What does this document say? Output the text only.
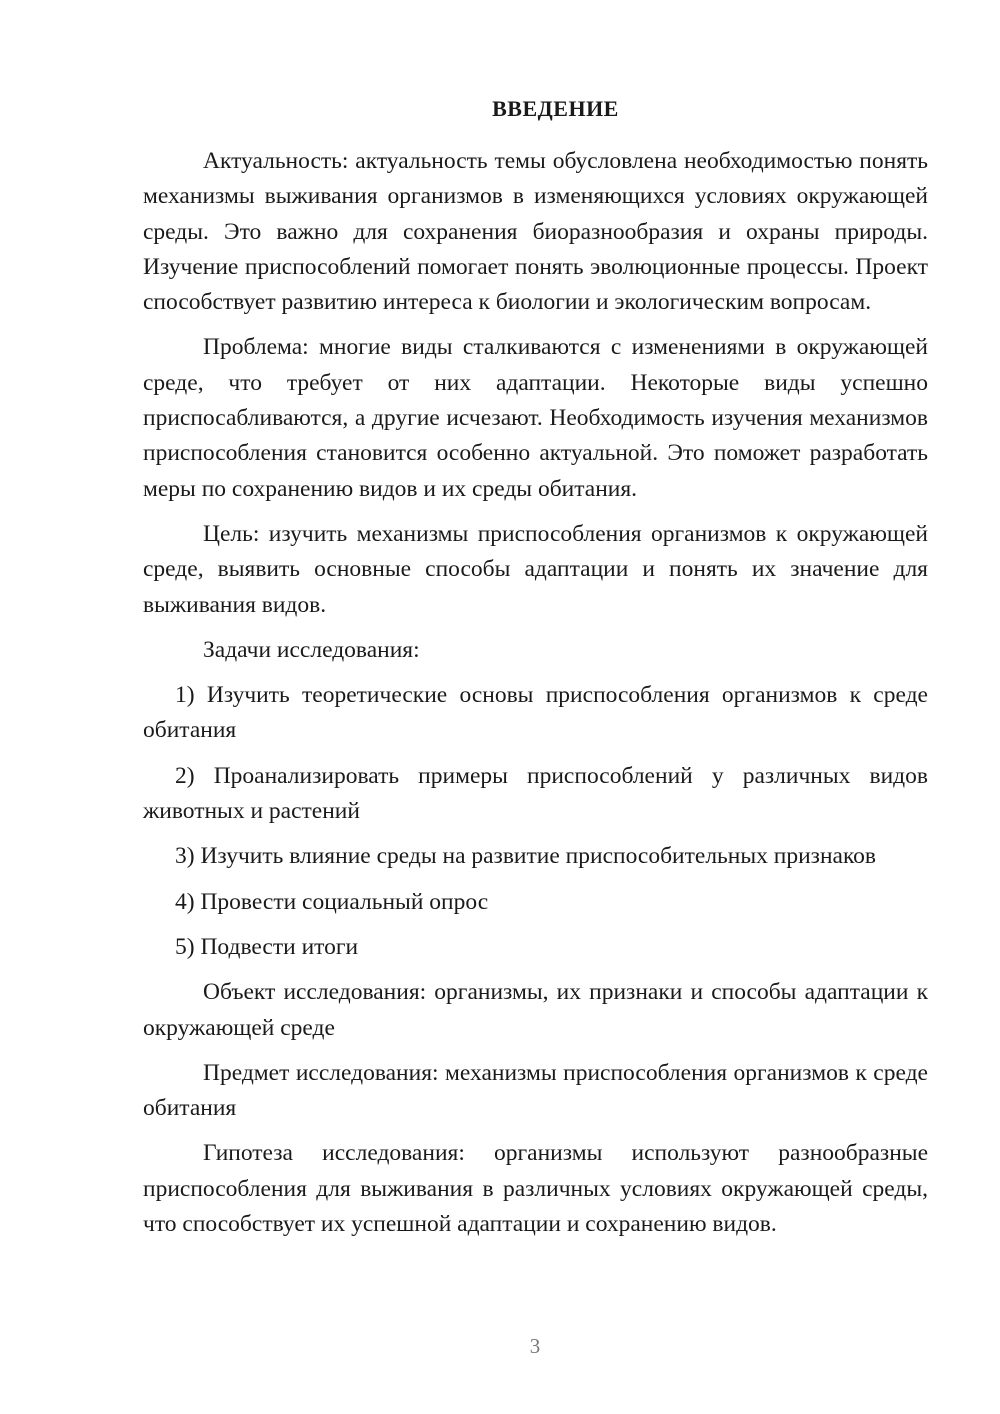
ВВЕДЕНИЕ

Актуальность: актуальность темы обусловлена необходимостью понять механизмы выживания организмов в изменяющихся условиях окружающей среды. Это важно для сохранения биоразнообразия и охраны природы. Изучение приспособлений помогает понять эволюционные процессы. Проект способствует развитию интереса к биологии и экологическим вопросам.

Проблема: многие виды сталкиваются с изменениями в окружающей среде, что требует от них адаптации. Некоторые виды успешно приспосабливаются, а другие исчезают. Необходимость изучения механизмов приспособления становится особенно актуальной. Это поможет разработать меры по сохранению видов и их среды обитания.

Цель: изучить механизмы приспособления организмов к окружающей среде, выявить основные способы адаптации и понять их значение для выживания видов.

Задачи исследования:

1) Изучить теоретические основы приспособления организмов к среде обитания

2) Проанализировать примеры приспособлений у различных видов животных и растений

3) Изучить влияние среды на развитие приспособительных признаков

4) Провести социальный опрос

5) Подвести итоги

Объект исследования: организмы, их признаки и способы адаптации к окружающей среде

Предмет исследования: механизмы приспособления организмов к среде обитания

Гипотеза исследования: организмы используют разнообразные приспособления для выживания в различных условиях окружающей среды, что способствует их успешной адаптации и сохранению видов.

3
